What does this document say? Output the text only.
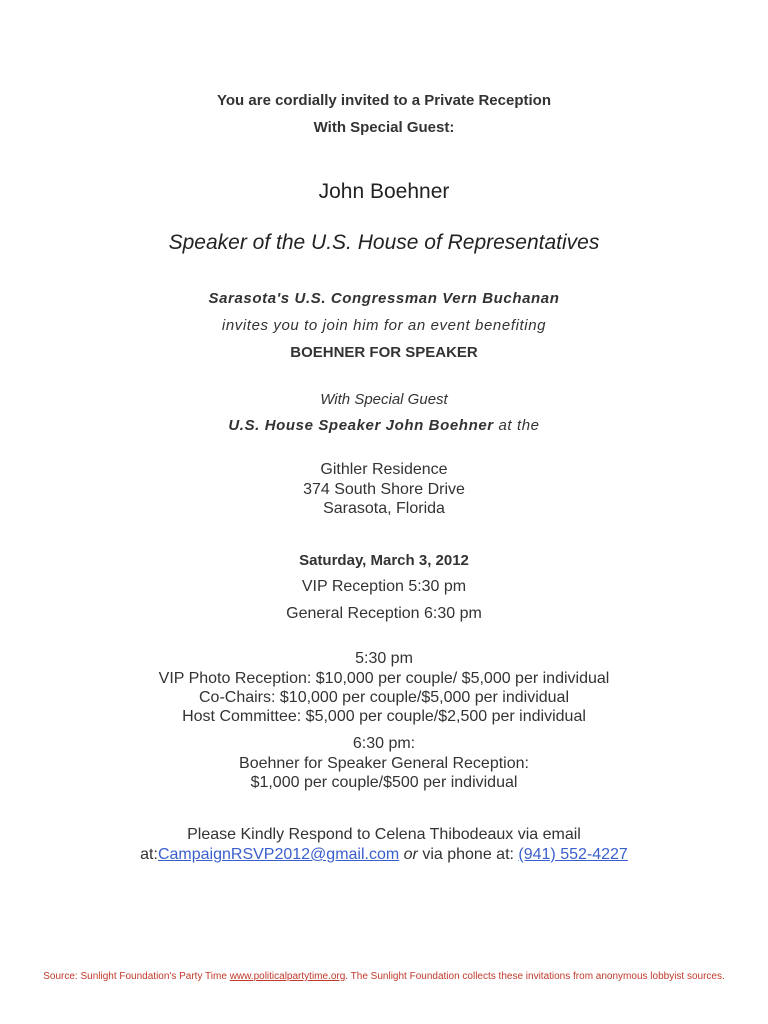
You are cordially invited to a Private Reception
With Special Guest:
John Boehner
Speaker of the U.S. House of Representatives
Sarasota's U.S. Congressman Vern Buchanan
invites you to join him for an event benefiting
BOEHNER FOR SPEAKER
With Special Guest
U.S. House Speaker John Boehner at the
Githler Residence
374 South Shore Drive
Sarasota, Florida
Saturday, March 3, 2012
VIP Reception 5:30 pm
General Reception 6:30 pm
5:30 pm
VIP Photo Reception: $10,000 per couple/ $5,000 per individual
Co-Chairs: $10,000 per couple/$5,000 per individual
Host Committee: $5,000 per couple/$2,500 per individual
6:30 pm:
Boehner for Speaker General Reception:
$1,000 per couple/$500 per individual
Please Kindly Respond to Celena Thibodeaux via email
at:CampaignRSVP2012@gmail.com or via phone at: (941) 552-4227
Source: Sunlight Foundation's Party Time www.politicalpartytime.org. The Sunlight Foundation collects these invitations from anonymous lobbyist sources.
